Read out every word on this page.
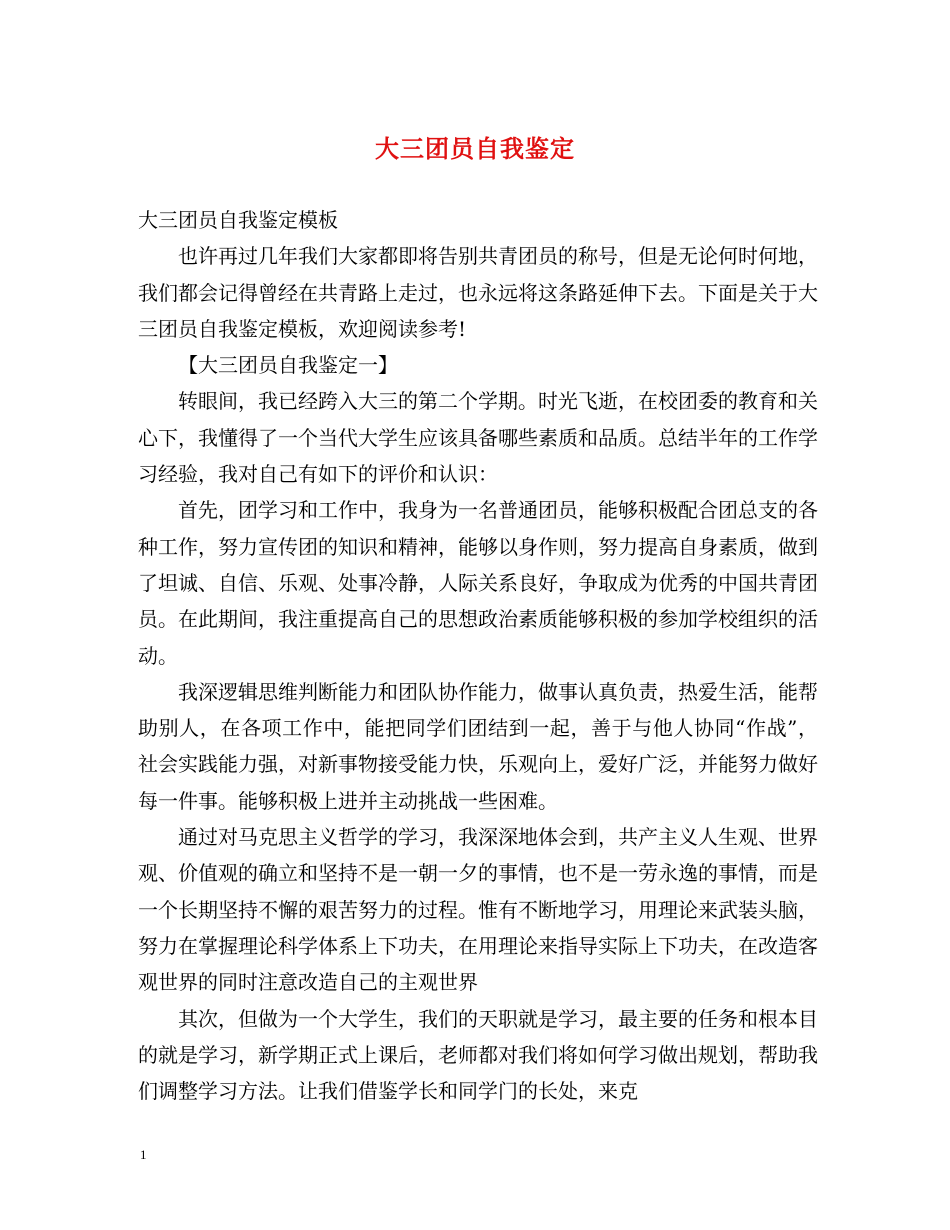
大三团员自我鉴定

大三团员自我鉴定模板

也许再过几年我们大家都即将告别共青团员的称号，但是无论何时何地，我们都会记得曾经在共青路上走过，也永远将这条路延伸下去。下面是关于大三团员自我鉴定模板，欢迎阅读参考!

【大三团员自我鉴定一】

转眼间，我已经跨入大三的第二个学期。时光飞逝，在校团委的教育和关心下，我懂得了一个当代大学生应该具备哪些素质和品质。总结半年的工作学习经验，我对自己有如下的评价和认识：

首先，团学习和工作中，我身为一名普通团员，能够积极配合团总支的各种工作，努力宣传团的知识和精神，能够以身作则，努力提高自身素质，做到了坦诚、自信、乐观、处事冷静，人际关系良好，争取成为优秀的中国共青团员。在此期间，我注重提高自己的思想政治素质能够积极的参加学校组织的活动。

我深逻辑思维判断能力和团队协作能力，做事认真负责，热爱生活，能帮助别人，在各项工作中，能把同学们团结到一起，善于与他人协同“作战”，社会实践能力强，对新事物接受能力快，乐观向上，爱好广泛，并能努力做好每一件事。能够积极上进并主动挑战一些困难。

通过对马克思主义哲学的学习，我深深地体会到，共产主义人生观、世界观、价值观的确立和坚持不是一朝一夕的事情，也不是一劳永逸的事情，而是一个长期坚持不懈的艰苦努力的过程。惟有不断地学习，用理论来武装头脑，努力在掌握理论科学体系上下功夫，在用理论来指导实际上下功夫，在改造客观世界的同时注意改造自己的主观世界

其次，但做为一个大学生，我们的天职就是学习，最主要的任务和根本目的就是学习，新学期正式上课后，老师都对我们将如何学习做出规划，帮助我们调整学习方法。让我们借鉴学长和同学门的长处，来克

1
